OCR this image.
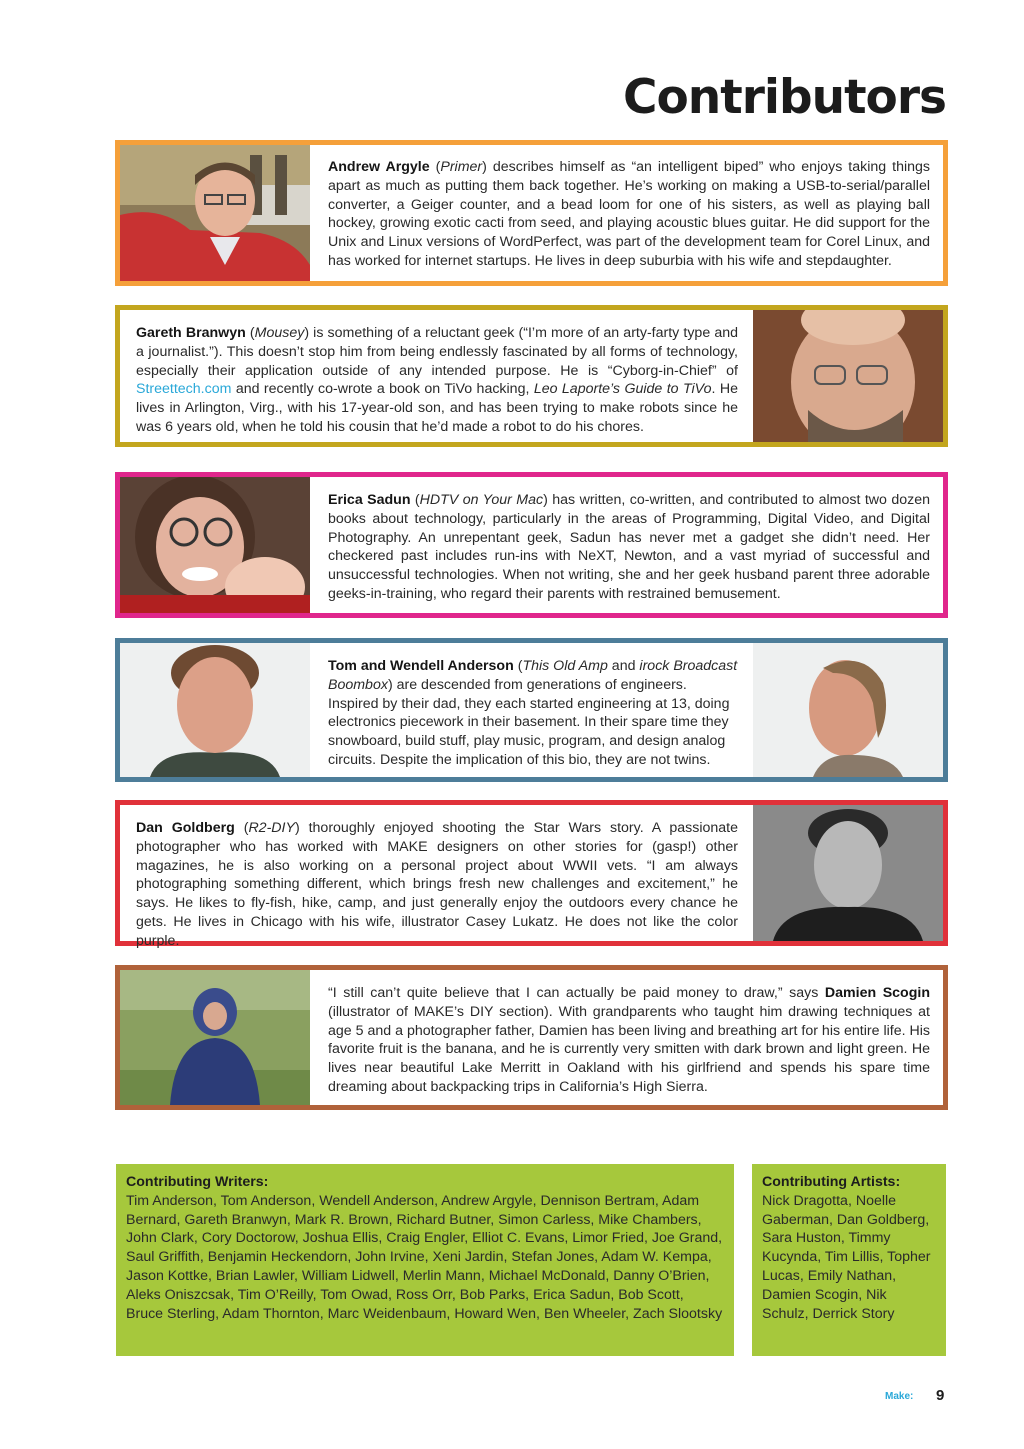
Contributors
Andrew Argyle (Primer) describes himself as “an intelligent biped” who enjoys taking things apart as much as putting them back together. He’s working on making a USB-to-serial/parallel converter, a Geiger counter, and a bead loom for one of his sisters, as well as playing ball hockey, growing exotic cacti from seed, and playing acoustic blues guitar. He did support for the Unix and Linux versions of WordPerfect, was part of the development team for Corel Linux, and has worked for internet startups. He lives in deep suburbia with his wife and stepdaughter.
Gareth Branwyn (Mousey) is something of a reluctant geek (“I’m more of an arty-farty type and a journalist.”). This doesn’t stop him from being endlessly fascinated by all forms of technology, especially their application outside of any intended purpose. He is “Cyborg-in-Chief” of Streettech.com and recently co-wrote a book on TiVo hacking, Leo Laporte’s Guide to TiVo. He lives in Arlington, Virg., with his 17-year-old son, and has been trying to make robots since he was 6 years old, when he told his cousin that he’d made a robot to do his chores.
Erica Sadun (HDTV on Your Mac) has written, co-written, and contributed to almost two dozen books about technology, particularly in the areas of Programming, Digital Video, and Digital Photography. An unrepentant geek, Sadun has never met a gadget she didn’t need. Her checkered past includes run-ins with NeXT, Newton, and a vast myriad of successful and unsuccessful technologies. When not writing, she and her geek husband parent three adorable geeks-in-training, who regard their parents with restrained bemusement.
Tom and Wendell Anderson (This Old Amp and irock Broadcast Boombox) are descended from generations of engineers. Inspired by their dad, they each started engineering at 13, doing electronics piecework in their basement. In their spare time they snowboard, build stuff, play music, program, and design analog circuits. Despite the implication of this bio, they are not twins.
Dan Goldberg (R2-DIY) thoroughly enjoyed shooting the Star Wars story. A passionate photographer who has worked with MAKE designers on other stories for (gasp!) other magazines, he is also working on a personal project about WWII vets. “I am always photographing something different, which brings fresh new challenges and excitement,” he says. He likes to fly-fish, hike, camp, and just generally enjoy the outdoors every chance he gets. He lives in Chicago with his wife, illustrator Casey Lukatz. He does not like the color purple.
“I still can’t quite believe that I can actually be paid money to draw,” says Damien Scogin (illustrator of MAKE’s DIY section). With grandparents who taught him drawing techniques at age 5 and a photographer father, Damien has been living and breathing art for his entire life. His favorite fruit is the banana, and he is currently very smitten with dark brown and light green. He lives near beautiful Lake Merritt in Oakland with his girlfriend and spends his spare time dreaming about backpacking trips in California’s High Sierra.
Contributing Writers:
Tim Anderson, Tom Anderson, Wendell Anderson, Andrew Argyle, Dennison Bertram, Adam Bernard, Gareth Branwyn, Mark R. Brown, Richard Butner, Simon Carless, Mike Chambers, John Clark, Cory Doctorow, Joshua Ellis, Craig Engler, Elliot C. Evans, Limor Fried, Joe Grand, Saul Griffith, Benjamin Heckendorn, John Irvine, Xeni Jardin, Stefan Jones, Adam W. Kempa, Jason Kottke, Brian Lawler, William Lidwell, Merlin Mann, Michael McDonald, Danny O’Brien, Aleks Oniszcsak, Tim O’Reilly, Tom Owad, Ross Orr, Bob Parks, Erica Sadun, Bob Scott, Bruce Sterling, Adam Thornton, Marc Weidenbaum, Howard Wen, Ben Wheeler, Zach Slootsky
Contributing Artists:
Nick Dragotta, Noelle Gaberman, Dan Goldberg, Sara Huston, Timmy Kucynda, Tim Lillis, Topher Lucas, Emily Nathan, Damien Scogin, Nik Schulz, Derrick Story
Make: 9
